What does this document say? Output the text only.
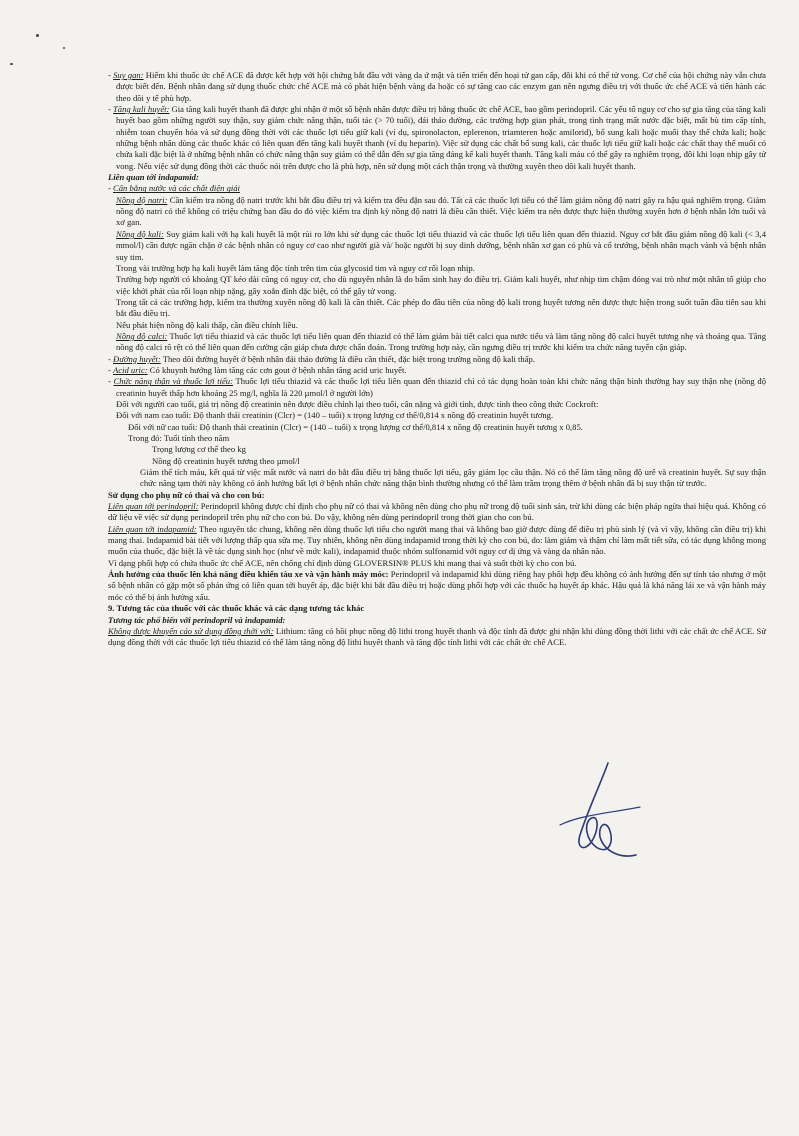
- Suy gan: Hiếm khi thuốc ức chế ACE đã được kết hợp với hội chứng bắt đầu với vàng da ứ mật và tiến triển đến hoại tử gan cấp, đôi khi có thể tử vong. Cơ chế của hội chứng này vẫn chưa được biết đến. Bệnh nhân đang sử dụng thuốc chức chế ACE mà có phát hiện bệnh vàng da hoặc có sự tăng cao các enzym gan nên ngưng điều trị với thuốc ức chế ACE và tiến hành các theo dõi y tế phù hợp.

- Tăng kali huyết: Gia tăng kali huyết thanh đã được ghi nhận ở một số bệnh nhân được điều trị bằng thuốc ức chế ACE, bao gồm perindopril. Các yếu tố nguy cơ cho sự gia tăng của tăng kali huyết bao gồm những người suy thận, suy giảm chức năng thận, tuổi tác (> 70 tuổi), đái tháo đường, các trường hợp gian phát, trong tình trạng mất nước đặc biệt, mất bù tim cấp tính, nhiễm toan chuyển hóa và sử dụng đồng thời với các thuốc lợi tiểu giữ kali (ví dụ, spironolacton, eplerenon, triamteren hoặc amilorid), bổ sung kali hoặc muối thay thế chứa kali; hoặc những bệnh nhân dùng các thuốc khác có liên quan đến tăng kali huyết thanh (ví dụ heparin). Việc sử dụng các chất bổ sung kali, các thuốc lợi tiểu giữ kali hoặc các chất thay thế muối có chứa kali đặc biệt là ở những bệnh nhân có chức năng thận suy giảm có thể dẫn đến sự gia tăng đáng kể kali huyết thanh. Tăng kali máu có thể gây ra nghiêm trọng, đôi khi loạn nhịp gây tử vong. Nếu việc sử dụng đồng thời các thuốc nói trên được cho là phù hợp, nên sử dụng một cách thận trọng và thường xuyên theo dõi kali huyết thanh.

Liên quan tới indapamid:

- Cân bằng nước và các chất điện giải

Nồng độ natri: Cần kiểm tra nồng độ natri trước khi bắt đầu điều trị và kiểm tra đều đặn sau đó. Tất cả các thuốc lợi tiểu có thể làm giảm nồng độ natri gây ra hậu quả nghiêm trọng. Giảm nồng độ natri có thể không có triệu chứng ban đầu do đó việc kiểm tra định kỳ nồng độ natri là điều cần thiết. Việc kiểm tra nên được thực hiện thường xuyên hơn ở bệnh nhân lớn tuổi và xơ gan.

Nồng độ kali: Suy giảm kali với hạ kali huyết là một rủi ro lớn khi sử dụng các thuốc lợi tiểu thiazid và các thuốc lợi tiểu liên quan đến thiazid. Nguy cơ bắt đầu giảm nồng độ kali (< 3,4 mmol/l) cần được ngăn chặn ở các bệnh nhân có nguy cơ cao như người già và/ hoặc người bị suy dinh dưỡng, bệnh nhân xơ gan có phù và cổ trướng, bệnh nhân mạch vành và bệnh nhân suy tim.

Trong vài trường hợp hạ kali huyết làm tăng độc tính trên tim của glycosid tim và nguy cơ rối loạn nhịp.

Trường hợp người có khoảng QT kéo dài cũng có nguy cơ, cho dù nguyên nhân là do bẩm sinh hay do điều trị. Giảm kali huyết, như nhịp tim chậm đóng vai trò như một nhân tố giúp cho việc khởi phát của rối loạn nhịp nặng, gây xoắn đỉnh đặc biệt, có thể gây tử vong.

Trong tất cả các trường hợp, kiểm tra thường xuyên nồng độ kali là cần thiết. Các phép đo đầu tiên của nồng độ kali trong huyết tương nên được thực hiện trong suốt tuần đầu tiên sau khi bắt đầu điều trị.

Nếu phát hiện nồng độ kali thấp, cần điều chỉnh liều.

Nồng độ calci: Thuốc lợi tiểu thiazid và các thuốc lợi tiểu liên quan đến thiazid có thể làm giảm bài tiết calci qua nước tiểu và làm tăng nồng độ calci huyết tương nhẹ và thoáng qua. Tăng nồng độ calci rõ rệt có thể liên quan đến cường cận giáp chưa được chẩn đoán. Trong trường hợp này, cần ngưng điều trị trước khi kiểm tra chức năng tuyến cận giáp.

- Đường huyết: Theo dõi đường huyết ở bệnh nhân đái tháo đường là điều cần thiết, đặc biệt trong trường nồng độ kali thấp.

- Acid uric: Có khuynh hướng làm tăng các cơn gout ở bệnh nhân tăng acid uric huyết.

- Chức năng thận và thuốc lợi tiểu: Thuốc lợi tiểu thiazid và các thuốc lợi tiểu liên quan đến thiazid chỉ có tác dụng hoàn toàn khi chức năng thận bình thường hay suy thận nhẹ (nồng độ creatinin huyết thấp hơn khoảng 25 mg/l, nghĩa là 220 µmol/l ở người lớn)

Đối với người cao tuổi, giá trị nồng độ creatinin nên được điều chỉnh lại theo tuổi, cân nặng và giới tính, được tính theo công thức Cockroft:

Đối với nam cao tuổi: Độ thanh thải creatinin (Clcr) = (140 – tuổi) x trọng lượng cơ thể/0,814 x nồng độ creatinin huyết tương.

Đối với nữ cao tuổi: Độ thanh thải creatinin (Clcr) = (140 – tuổi) x trọng lượng cơ thể/0,814 x nồng độ creatinin huyết tương x 0,85.

Trong đó: Tuổi tính theo năm

Trọng lượng cơ thể theo kg

Nồng độ creatinin huyết tương theo µmol/l

Giảm thể tích máu, kết quả từ việc mất nước và natri do bắt đầu điều trị bằng thuốc lợi tiểu, gây giảm lọc cầu thận. Nó có thể làm tăng nồng độ urê và creatinin huyết. Sự suy thận chức năng tạm thời này không có ảnh hưởng bất lợi ở bệnh nhân chức năng thận bình thường nhưng có thể làm trầm trọng thêm ở bệnh nhân đã bị suy thận từ trước.

Sử dụng cho phụ nữ có thai và cho con bú:

Liên quan tới perindopril: Perindopril không được chỉ định cho phụ nữ có thai và không nên dùng cho phụ nữ trong độ tuổi sinh sản, trừ khi dùng các biện pháp ngừa thai hiệu quả. Không có dữ liệu về việc sử dụng perindopril trên phụ nữ cho con bú. Do vậy, không nên dùng perindopril trong thời gian cho con bú.

Liên quan tới indapamid: Theo nguyên tắc chung, không nên dùng thuốc lợi tiểu cho người mang thai và không bao giờ được dùng để điều trị phù sinh lý (và vì vậy, không cần điều trị) khi mang thai. Indapamid bài tiết với lượng thấp qua sữa mẹ. Tuy nhiên, không nên dùng indapamid trong thời kỳ cho con bú, do: làm giảm và thậm chí làm mất tiết sữa, có tác dụng không mong muốn của thuốc, đặc biệt là về tác dụng sinh học (như về mức kali), indapamid thuộc nhóm sulfonamid với nguy cơ dị ứng và vàng da nhân não.

Vì dạng phối hợp có chứa thuốc ức chế ACE, nên chống chỉ định dùng GLOVERSIN® PLUS khi mang thai và suốt thời kỳ cho con bú.

Ảnh hưởng của thuốc lên khả năng điều khiển tàu xe và vận hành máy móc: Perindopril và indapamid khi dùng riêng hay phối hợp đều không có ảnh hưởng đến sự tỉnh táo nhưng ở một số bệnh nhân có gặp một số phản ứng có liên quan tới huyết áp, đặc biệt khi bắt đầu điều trị hoặc dùng phối hợp với các thuốc hạ huyết áp khác. Hậu quả là khả năng lái xe và vận hành máy móc có thể bị ảnh hưởng xấu.

9. Tương tác của thuốc với các thuốc khác và các dạng tương tác khác

Tương tác phổ biến với perindopril và indapamid:

Không được khuyến cáo sử dụng đồng thời với: Lithium: tăng có hồi phục nồng độ lithi trong huyết thanh và độc tính đã được ghi nhận khi dùng đồng thời lithi với các chất ức chế ACE. Sử dụng đồng thời với các thuốc lợi tiểu thiazid có thể làm tăng nồng độ lithi huyết thanh và tăng độc tính lithi với các chất ức chế ACE.
